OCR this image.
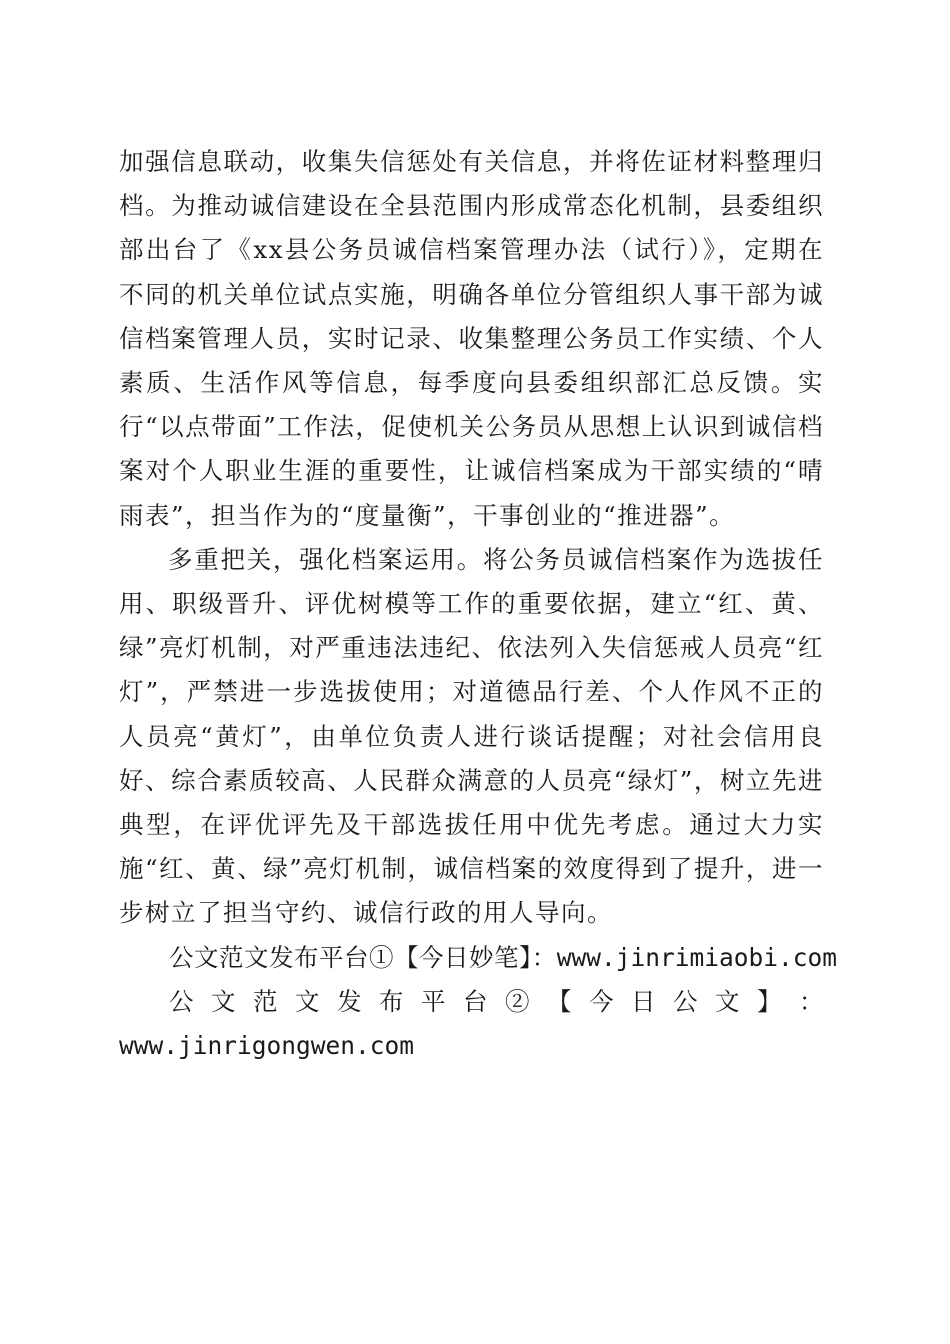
加强信息联动，收集失信惩处有关信息，并将佐证材料整理归档。为推动诚信建设在全县范围内形成常态化机制，县委组织部出台了《xx县公务员诚信档案管理办法（试行）》，定期在不同的机关单位试点实施，明确各单位分管组织人事干部为诚信档案管理人员，实时记录、收集整理公务员工作实绩、个人素质、生活作风等信息，每季度向县委组织部汇总反馈。实行“以点带面”工作法，促使机关公务员从思想上认识到诚信档案对个人职业生涯的重要性，让诚信档案成为干部实绩的“晴雨表”，担当作为的“度量衡”，干事创业的“推进器”。

多重把关，强化档案运用。将公务员诚信档案作为选拔任用、职级晋升、评优树模等工作的重要依据，建立“红、黄、绿”亮灯机制，对严重违法违纪、依法列入失信惩戒人员亮“红灯”，严禁进一步选拔使用；对道德品行差、个人作风不正的人员亮“黄灯”，由单位负责人进行谈话提醒；对社会信用良好、综合素质较高、人民群众满意的人员亮“绿灯”，树立先进典型，在评优评先及干部选拔任用中优先考虑。通过大力实施“红、黄、绿”亮灯机制，诚信档案的效度得到了提升，进一步树立了担当守约、诚信行政的用人导向。

公文范文发布平台①【今日妙笔】：www.jinrimiaobi.com

公 文 范 文 发 布 平 台 ② 【 今 日 公 文 】 ：

www.jinrigongwen.com
